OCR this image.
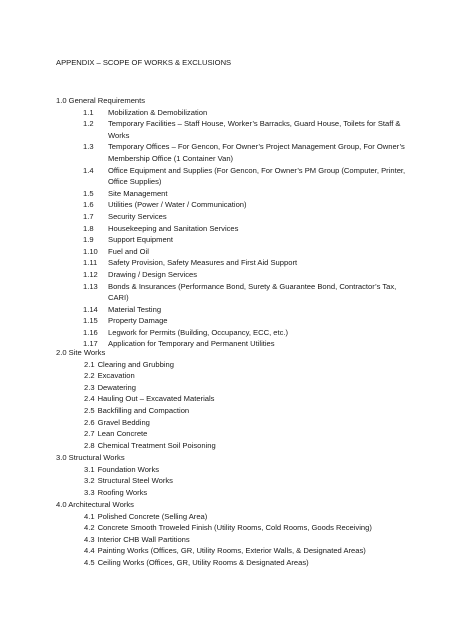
APPENDIX – SCOPE OF WORKS & EXCLUSIONS
1.0 General Requirements
1.1	Mobilization & Demobilization
1.2	Temporary Facilities – Staff House, Worker’s Barracks, Guard House, Toilets for Staff & Works
1.3	Temporary Offices – For Gencon, For Owner’s Project Management Group, For Owner’s Membership Office (1 Container Van)
1.4	Office Equipment and Supplies (For Gencon, For Owner’s PM Group (Computer, Printer, Office Supplies)
1.5	Site Management
1.6	Utilities (Power / Water / Communication)
1.7	Security Services
1.8	Housekeeping and Sanitation Services
1.9	Support Equipment
1.10	Fuel and Oil
1.11	Safety Provision, Safety Measures and First Aid Support
1.12	Drawing / Design Services
1.13	Bonds & Insurances (Performance Bond, Surety & Guarantee Bond, Contractor’s Tax, CARI)
1.14	Material Testing
1.15	Property Damage
1.16	Legwork for Permits (Building, Occupancy, ECC, etc.)
1.17	Application for Temporary and Permanent Utilities
2.0 Site Works
2.1 Clearing and Grubbing
2.2 Excavation
2.3 Dewatering
2.4 Hauling Out – Excavated Materials
2.5 Backfilling and Compaction
2.6 Gravel Bedding
2.7 Lean Concrete
2.8 Chemical Treatment Soil Poisoning
3.0 Structural Works
3.1 Foundation Works
3.2 Structural Steel Works
3.3 Roofing Works
4.0 Architectural Works
4.1 Polished Concrete (Selling Area)
4.2 Concrete Smooth Troweled Finish (Utility Rooms, Cold Rooms, Goods Receiving)
4.3 Interior CHB Wall Partitions
4.4 Painting Works (Offices, GR, Utility Rooms, Exterior Walls, & Designated Areas)
4.5 Ceiling Works (Offices, GR, Utility Rooms & Designated Areas)
